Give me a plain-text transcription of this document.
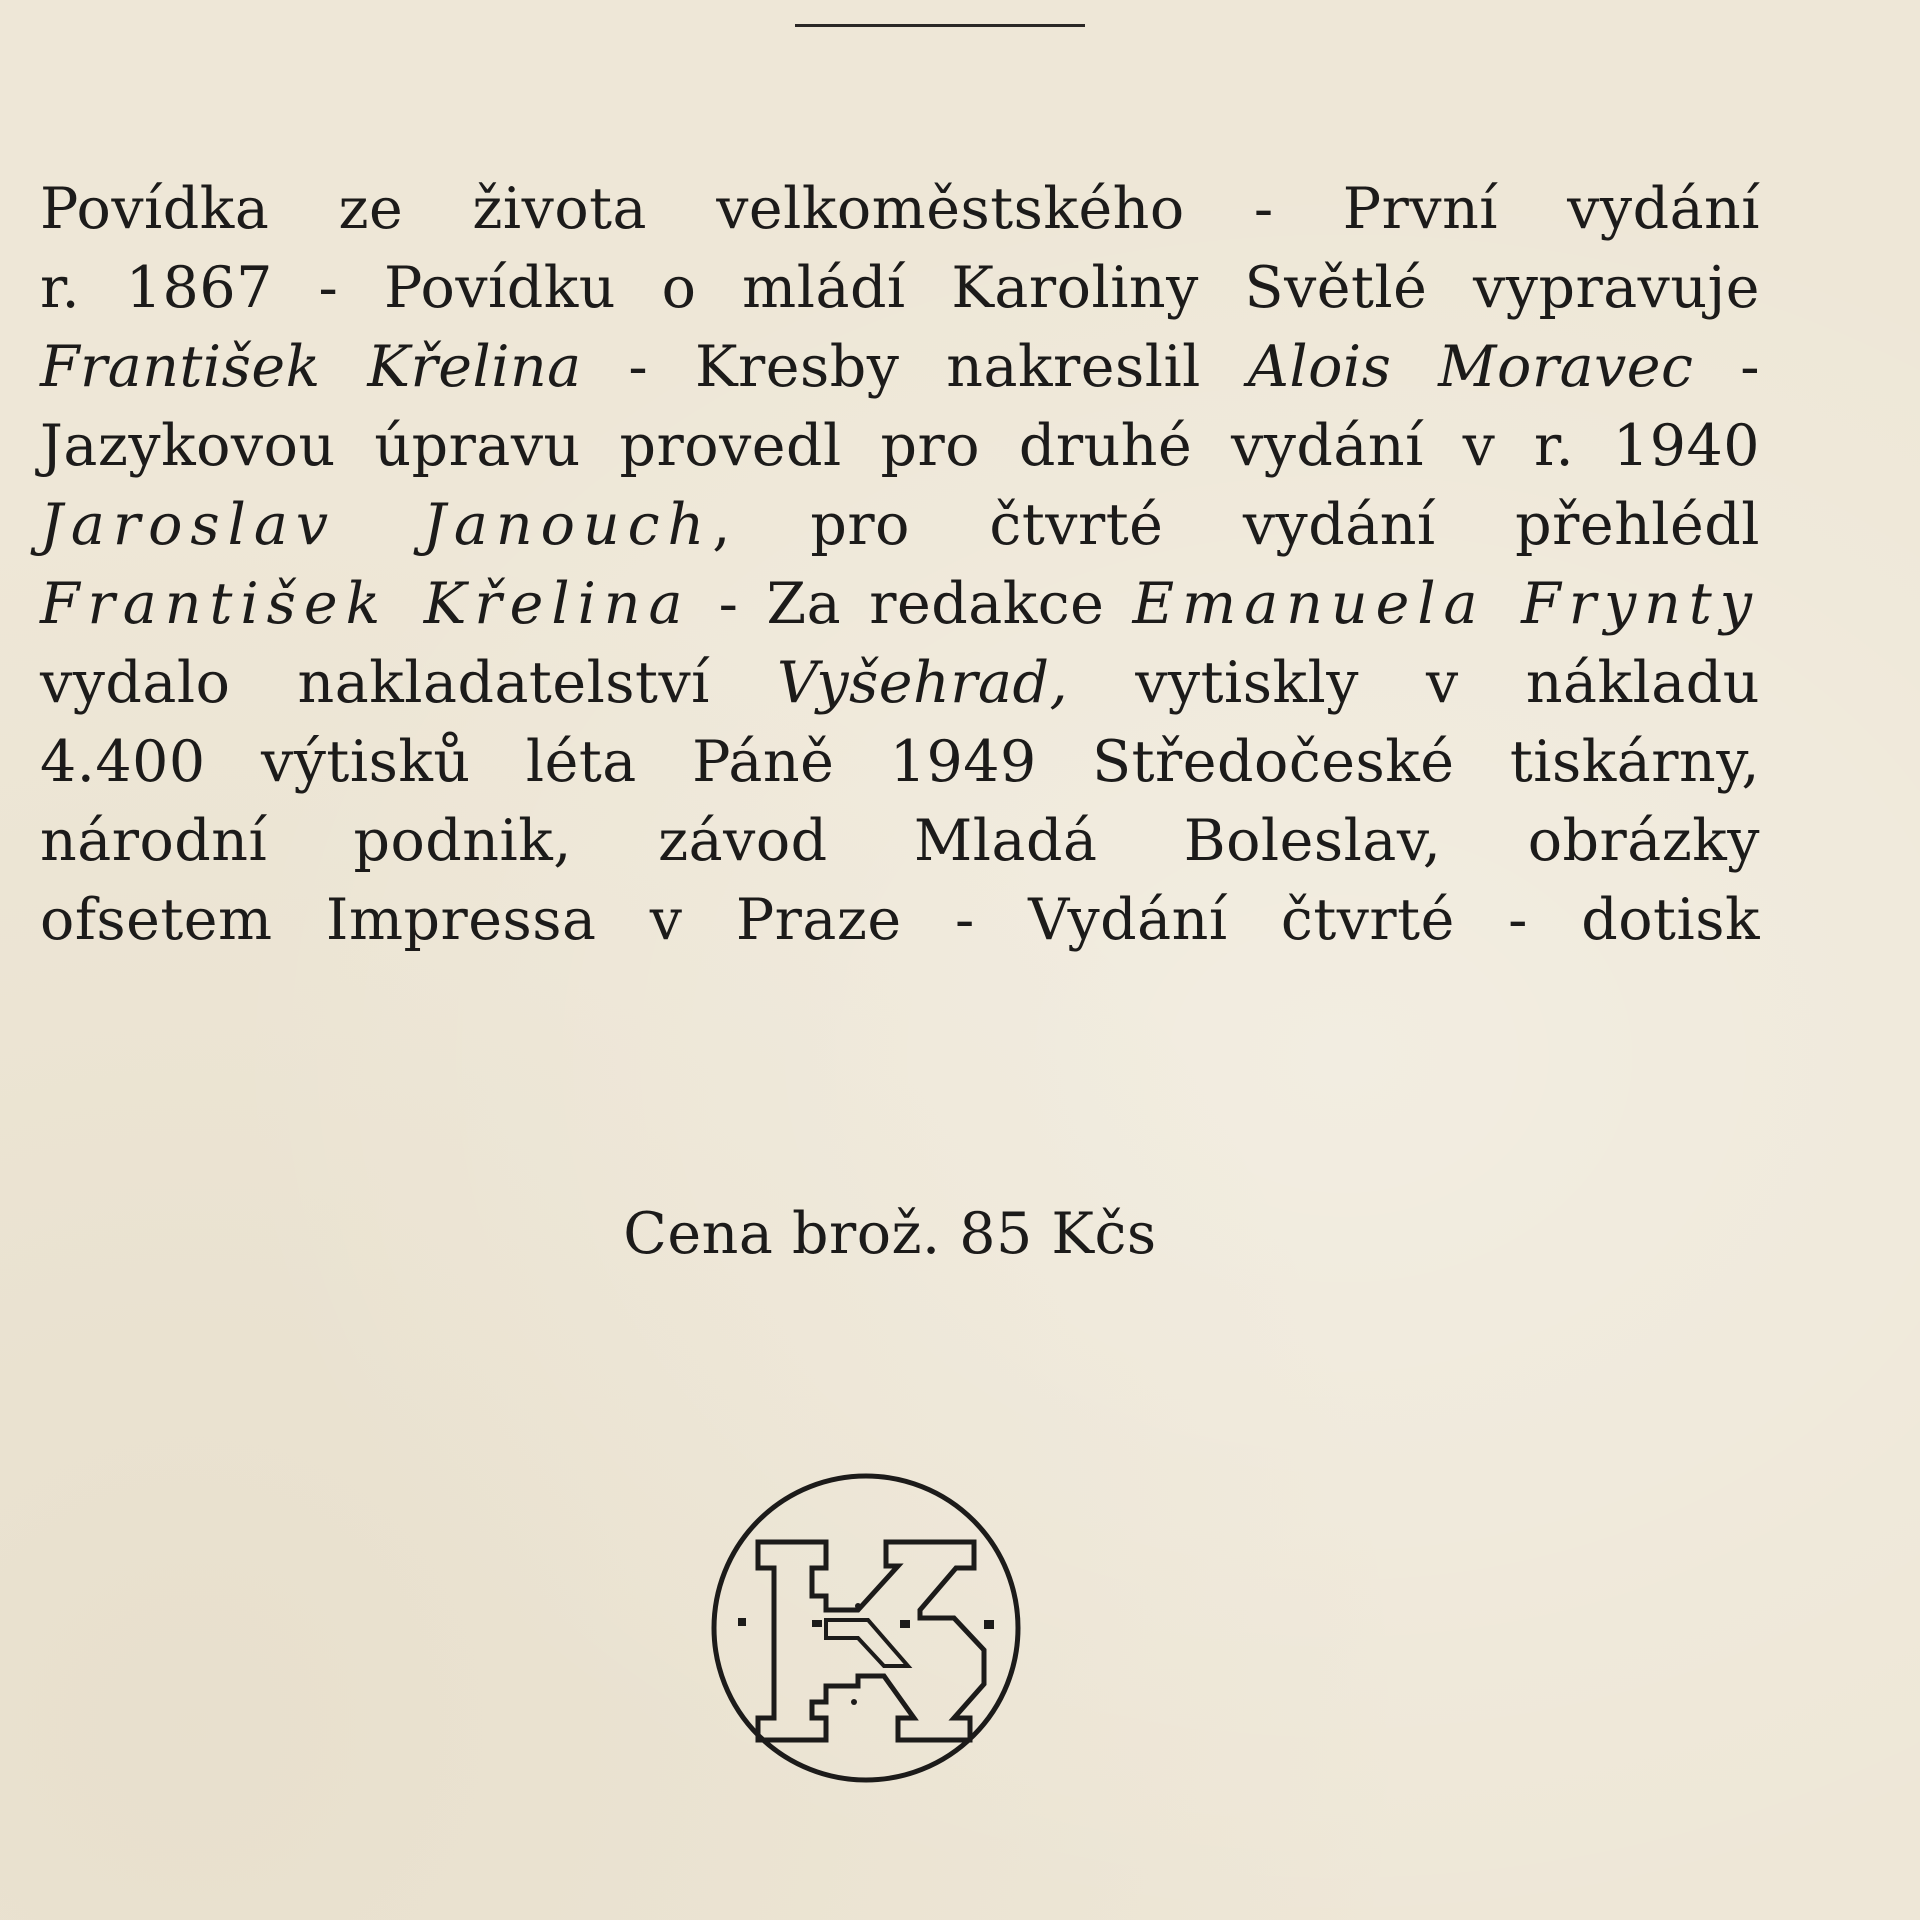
Povídka ze života velkoměstského - První vydání
r. 1867 - Povídku o mládí Karoliny Světlé vypravuje
František Křelina - Kresby nakreslil Alois Moravec -
Jazykovou úpravu provedl pro druhé vydání v r. 1940
Jaroslav Janouch, pro čtvrté vydání přehlédl
František Křelina - Za redakce Emanuela Frynty
vydalo nakladatelství Vyšehrad, vytiskly v nákladu
4.400 výtisků léta Páně 1949 Středočeské tiskárny,
národní podnik, závod Mladá Boleslav, obrázky
ofsetem Impressa v Praze - Vydání čtvrté - dotisk
Cena brož. 85 Kčs
